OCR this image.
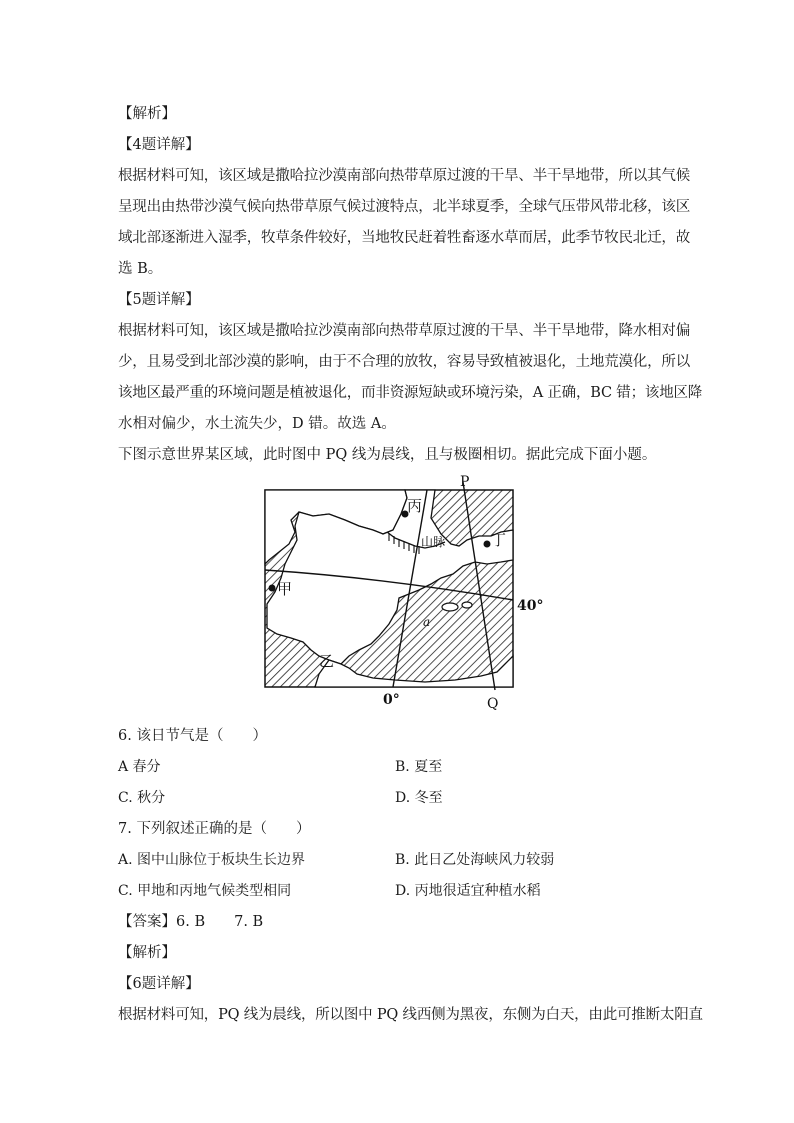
【解析】
【4题详解】
根据材料可知，该区域是撒哈拉沙漠南部向热带草原过渡的干旱、半干旱地带，所以其气候
呈现出由热带沙漠气候向热带草原气候过渡特点，北半球夏季，全球气压带风带北移，该区
域北部逐渐进入湿季，牧草条件较好，当地牧民赶着牲畜逐水草而居，此季节牧民北迁，故
选 B。
【5题详解】
根据材料可知，该区域是撒哈拉沙漠南部向热带草原过渡的干旱、半干旱地带，降水相对偏
少，且易受到北部沙漠的影响，由于不合理的放牧，容易导致植被退化，土地荒漠化，所以
该地区最严重的环境问题是植被退化，而非资源短缺或环境污染，A 正确，BC 错；该地区降
水相对偏少，水土流失少，D 错。故选 A。
下图示意世界某区域，此时图中 PQ 线为晨线，且与极圈相切。据此完成下面小题。
P
Q
丙
丁
甲
乙
山脉
40°
0°
a
6. 该日节气是（　　）
A 春分	B. 夏至
C. 秋分	D. 冬至
7. 下列叙述正确的是（　　）
A. 图中山脉位于板块生长边界	B. 此日乙处海峡风力较弱
C. 甲地和丙地气候类型相同	D. 丙地很适宜种植水稻
【答案】6. B　　7. B
【解析】
【6题详解】
根据材料可知，PQ 线为晨线，所以图中 PQ 线西侧为黑夜，东侧为白天，由此可推断太阳直
